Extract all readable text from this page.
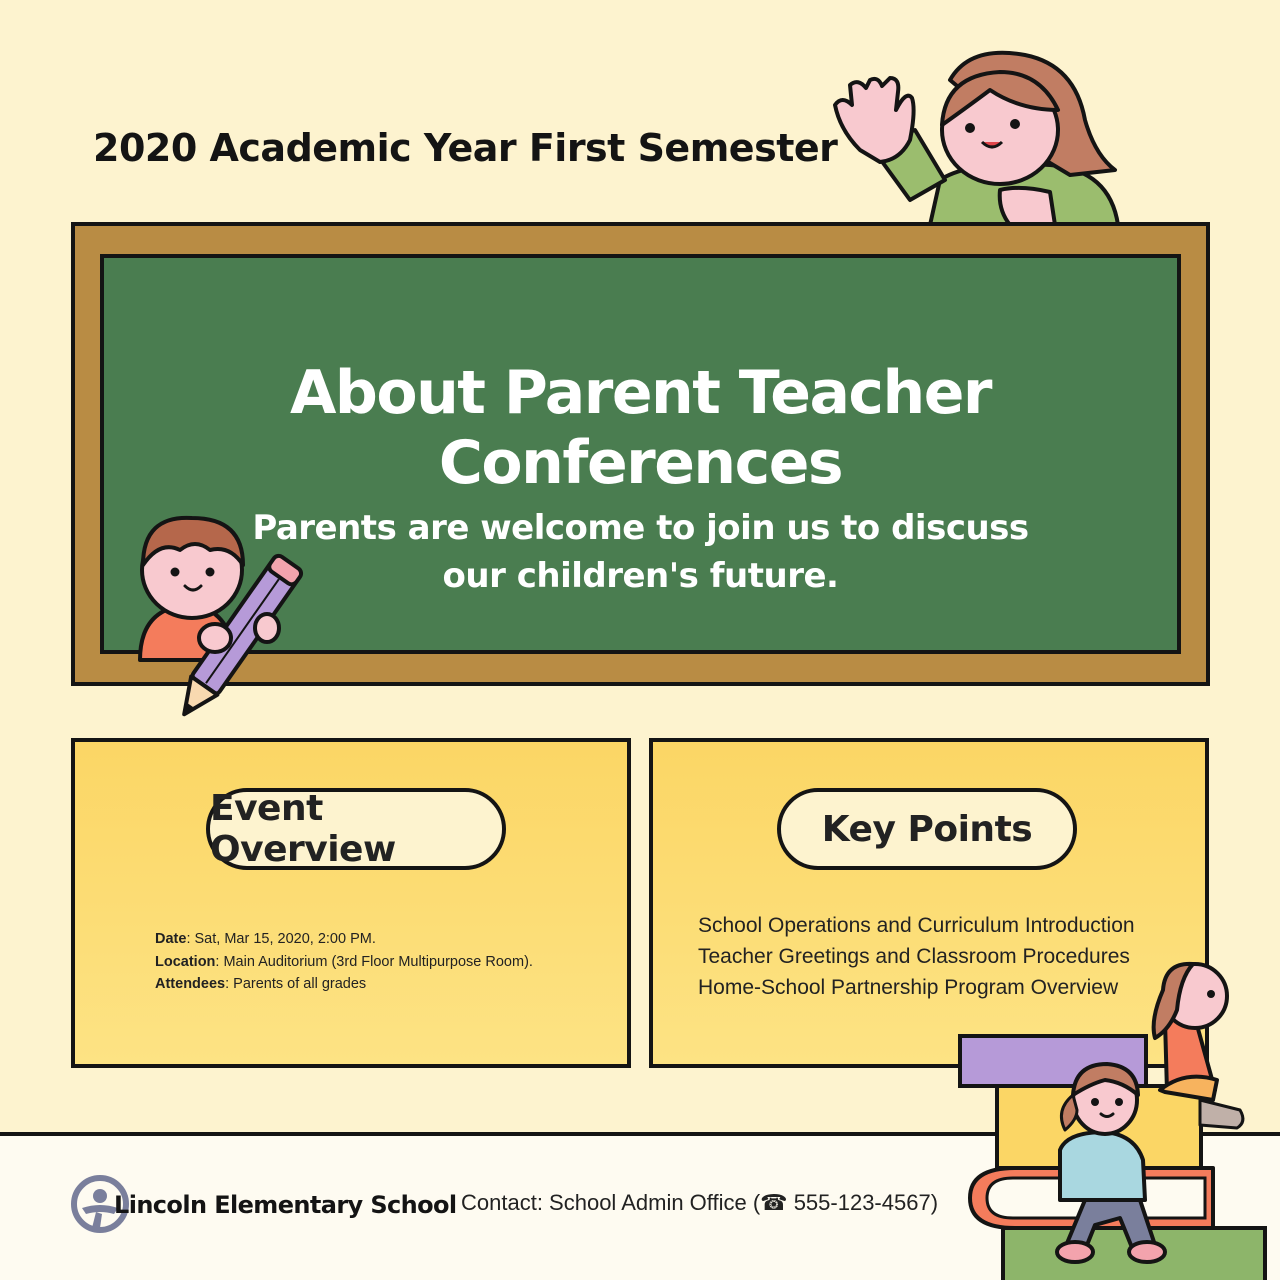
2020 Academic Year First Semester
About Parent Teacher Conferences
Parents are welcome to join us to discuss
our children's future.
Event Overview
Date: Sat, Mar 15, 2020, 2:00 PM.
Location: Main Auditorium (3rd Floor Multipurpose Room).
Attendees: Parents of all grades
Key Points
School Operations and Curriculum Introduction
Teacher Greetings and Classroom Procedures
Home-School Partnership Program Overview
Lincoln Elementary School Contact: School Admin Office (☎ 555-123-4567)
